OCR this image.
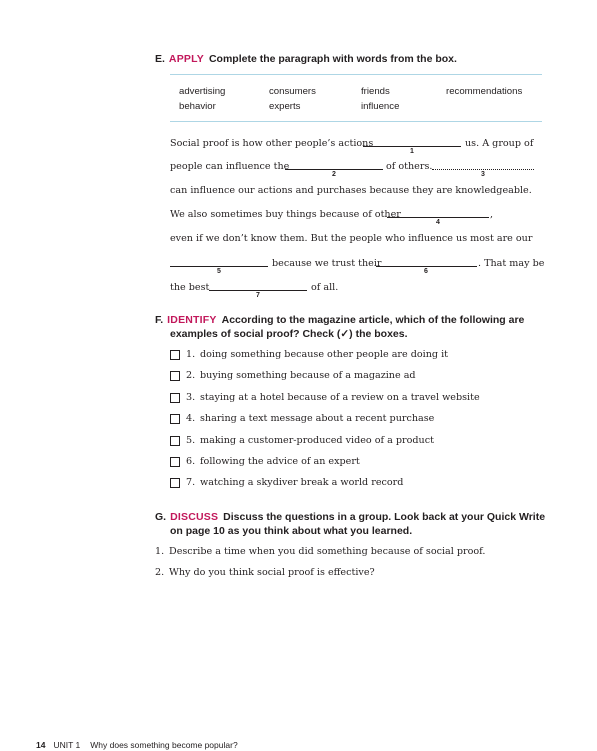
E. APPLY Complete the paragraph with words from the box.
advertising	consumers	friends	recommendations
behavior	experts	influence
Social proof is how other people’s actions
1
us. A group of
people can influence the
2
of others.
3
can influence our actions and purchases because they are knowledgeable.
We also sometimes buy things because of other
4
,
even if we don’t know them. But the people who influence us most are our
5
because we trust their
6
. That may be
the best
7
of all.
F. IDENTIFY According to the magazine article, which of the following are
examples of social proof? Check (✓) the boxes.
1. doing something because other people are doing it
2. buying something because of a magazine ad
3. staying at a hotel because of a review on a travel website
4. sharing a text message about a recent purchase
5. making a customer-produced video of a product
6. following the advice of an expert
7. watching a skydiver break a world record
G. DISCUSS Discuss the questions in a group. Look back at your Quick Write
on page 10 as you think about what you learned.
1. Describe a time when you did something because of social proof.
2. Why do you think social proof is effective?
14 UNIT 1 Why does something become popular?
